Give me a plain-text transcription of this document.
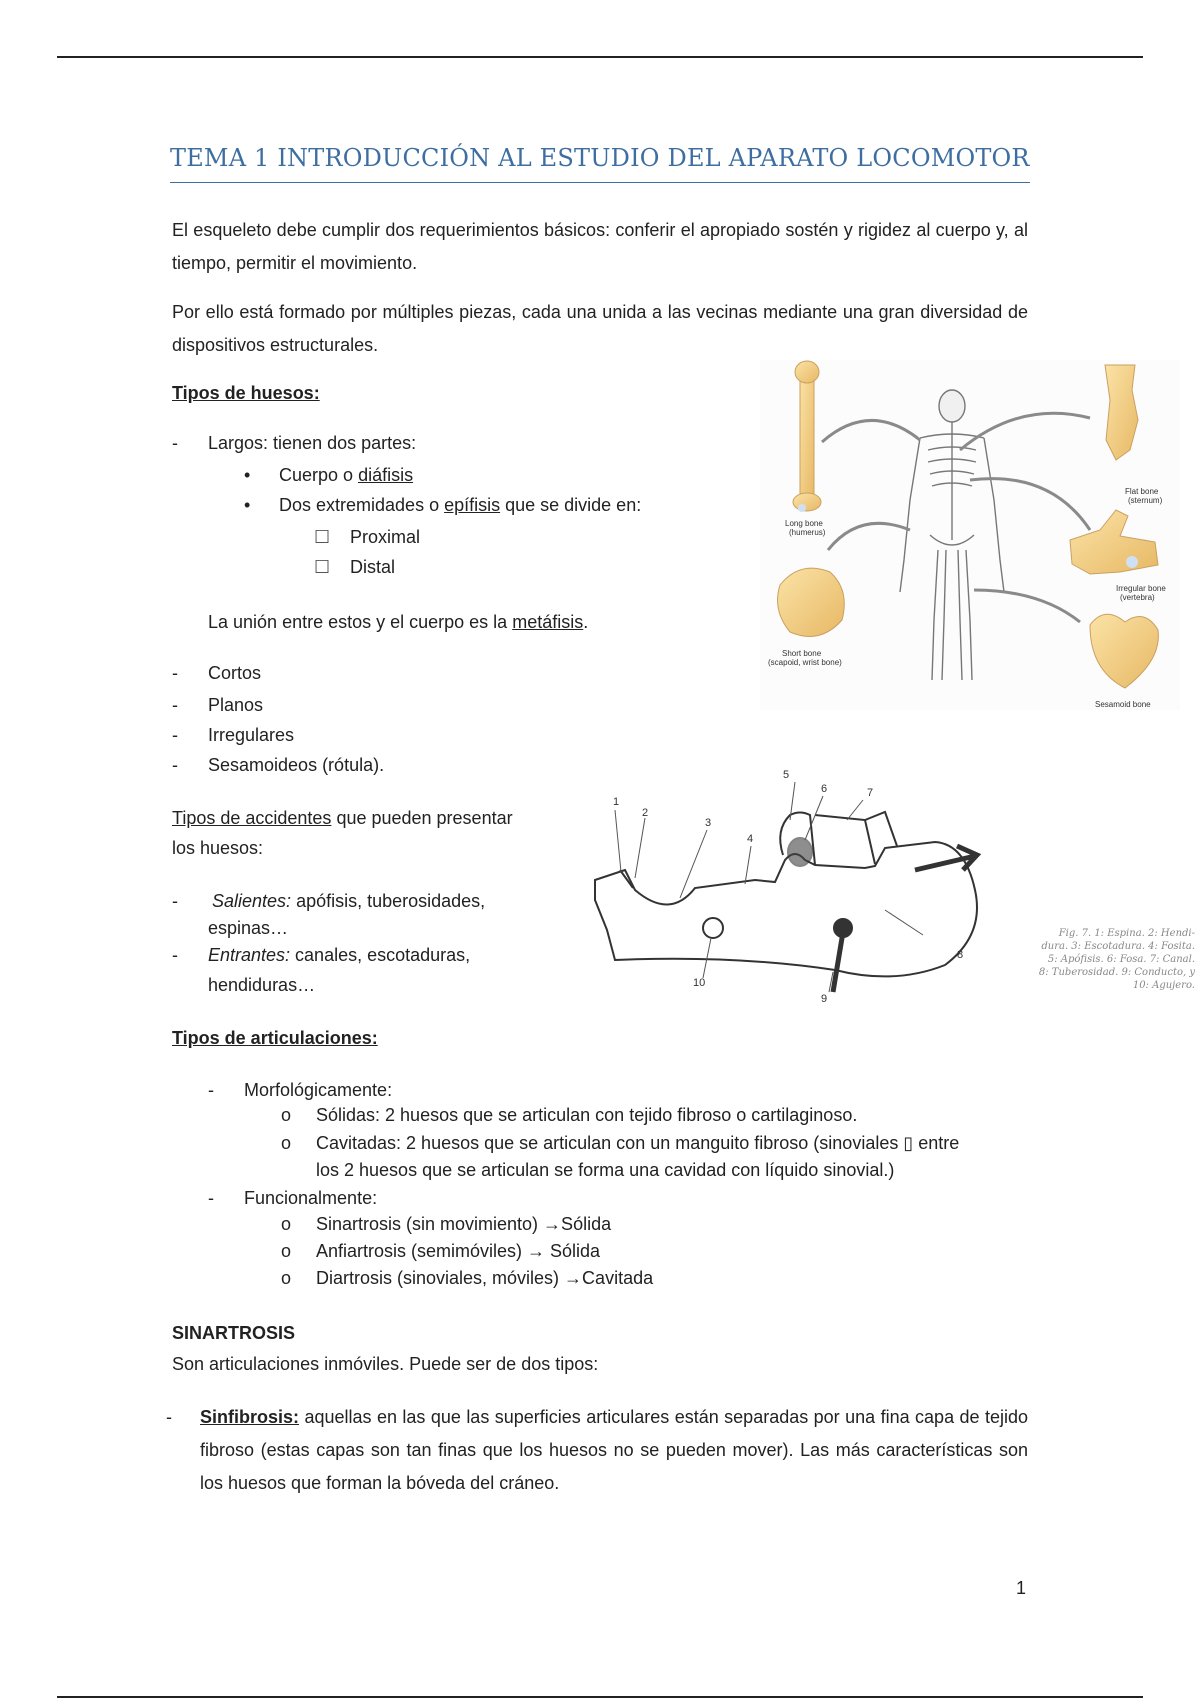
TEMA 1 INTRODUCCIÓN AL ESTUDIO DEL APARATO LOCOMOTOR
El esqueleto debe cumplir dos requerimientos básicos: conferir el apropiado sostén y rigidez al cuerpo y, al tiempo, permitir el movimiento.
Por ello está formado por múltiples piezas, cada una unida a las vecinas mediante una gran diversidad de dispositivos estructurales.
Tipos de huesos:
- Largos: tienen dos partes:
• Cuerpo o diáfisis
• Dos extremidades o epífisis que se divide en:
☐ Proximal
☐ Distal
La unión entre estos y el cuerpo es la metáfisis.
- Cortos
- Planos
- Irregulares
- Sesamoideos (rótula).
Long bone
(humerus)
Flat bone
(sternum)
Irregular bone
(vertebra)
Short bone
(scapoid, wrist bone)
Sesamoid bone
Tipos de accidentes que pueden presentar
los huesos:
- Salientes: apófisis, tuberosidades,
espinas…
- Entrantes: canales, escotaduras,
hendiduras…
1
2
3
4
5
6	7
8
9
10
Fig. 7. 1: Espina. 2: Hendi-
dura. 3: Escotadura. 4: Fosita.
5: Apófisis. 6: Fosa. 7: Canal.
8: Tuberosidad. 9: Conducto, y
10: Agujero.
Tipos de articulaciones:
- Morfológicamente:
o Sólidas: 2 huesos que se articulan con tejido fibroso o cartilaginoso.
o Cavitadas: 2 huesos que se articulan con un manguito fibroso (sinoviales ▯ entre
los 2 huesos que se articulan se forma una cavidad con líquido sinovial.)
- Funcionalmente:
o Sinartrosis (sin movimiento) →Sólida
o Anfiartrosis (semimóviles) → Sólida
o Diartrosis (sinoviales, móviles) →Cavitada
SINARTROSIS
Son articulaciones inmóviles. Puede ser de dos tipos:
- Sinfibrosis: aquellas en las que las superficies articulares están separadas por una fina capa de tejido fibroso (estas capas son tan finas que los huesos no se pueden mover). Las más características son los huesos que forman la bóveda del cráneo.
1
